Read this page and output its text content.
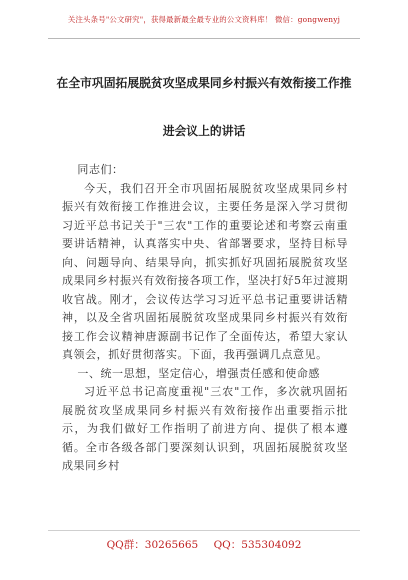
关注头条号"公文研究"，获得最新最全最专业的公文资料库！ 微信：gongwenyj
在全市巩固拓展脱贫攻坚成果同乡村振兴有效衔接工作推
进会议上的讲话

同志们：

今天，我们召开全市巩固拓展脱贫攻坚成果同乡村振兴有效衔接工作推进会议，主要任务是深入学习贯彻习近平总书记关于"三农"工作的重要论述和考察云南重要讲话精神，认真落实中央、省部署要求，坚持目标导向、问题导向、结果导向，抓实抓好巩固拓展脱贫攻坚成果同乡村振兴有效衔接各项工作，坚决打好5年过渡期收官战。刚才，会议传达学习习近平总书记重要讲话精神，以及全省巩固拓展脱贫攻坚成果同乡村振兴有效衔接工作会议精神唐源副书记作了全面传达，希望大家认真领会，抓好贯彻落实。下面，我再强调几点意见。

一、统一思想，坚定信心，增强责任感和使命感

习近平总书记高度重视"三农"工作，多次就巩固拓展脱贫攻坚成果同乡村振兴有效衔接作出重要指示批示，为我们做好工作指明了前进方向、提供了根本遵循。全市各级各部门要深刻认识到，巩固拓展脱贫攻坚成果同乡村

QQ群：30265665 QQ：535304092
